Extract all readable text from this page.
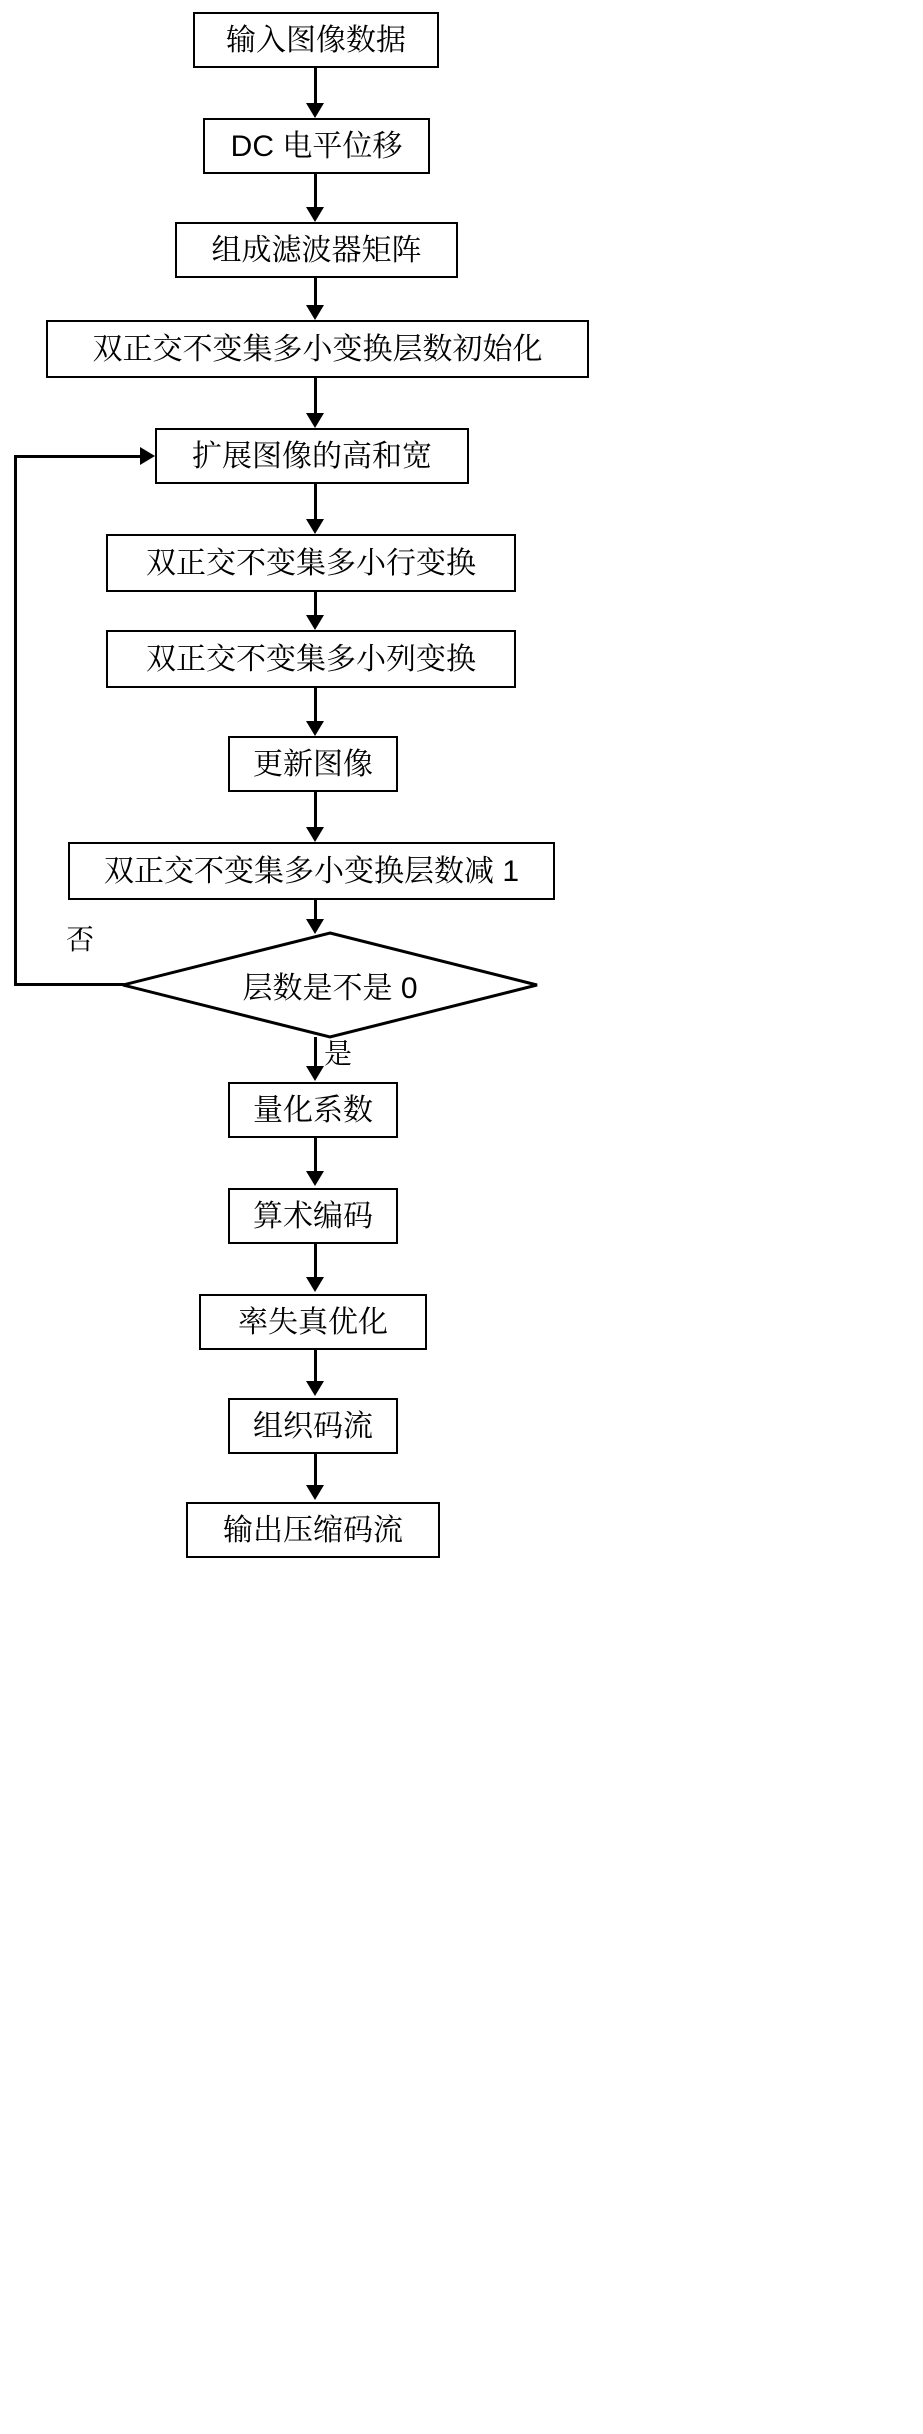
输入图像数据
DC 电平位移
组成滤波器矩阵
双正交不变集多小变换层数初始化
扩展图像的高和宽
双正交不变集多小行变换
双正交不变集多小列变换
更新图像
双正交不变集多小变换层数减 1
层数是不是 0
量化系数
算术编码
率失真优化
组织码流
输出压缩码流
否
是
